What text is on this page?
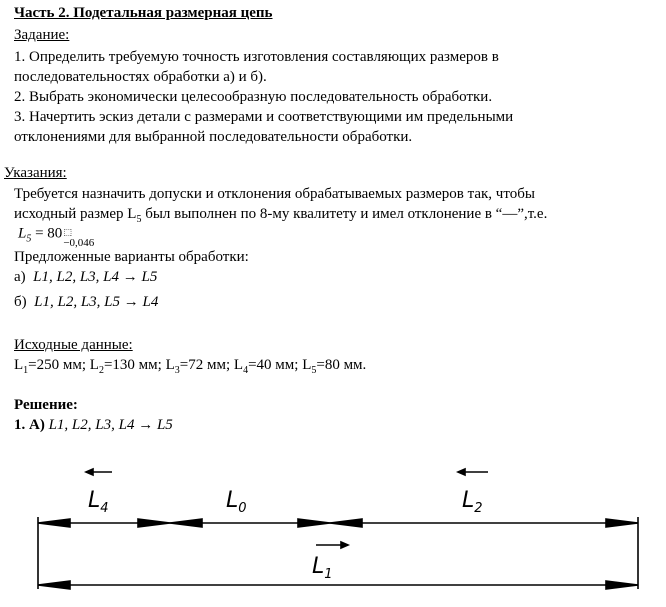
Часть 2. Подетальная размерная цепь
Задание:
1. Определить требуемую точность изготовления составляющих размеров в
последовательностях обработки а) и б).
2. Выбрать экономически целесообразную последовательность обработки.
3. Начертить эскиз детали с размерами и соответствующими им предельными
отклонениями для выбранной последовательности обработки.
Указания:
Требуется назначить допуски и отклонения обрабатываемых размеров так, чтобы
исходный размер $L_5$ был выполнен по 8-му квалитету и имел отклонение в “—”,т.е.
$L_5 = 80$ ⬚
−0,046
Предложенные варианты обработки:
а) L1, L2, L3, L4 → L5
б) L1, L2, L3, L5 → L4
Исходные данные:
$L_1=250$ мм; $L_2=130$ мм; $L_3=72$ мм; $L_4=40$ мм; $L_5=80$ мм.
Решение:
1. А) L1, L2, L3, L4 → L5
$L_4$	$L_0$	$L_2$
$L_1$
